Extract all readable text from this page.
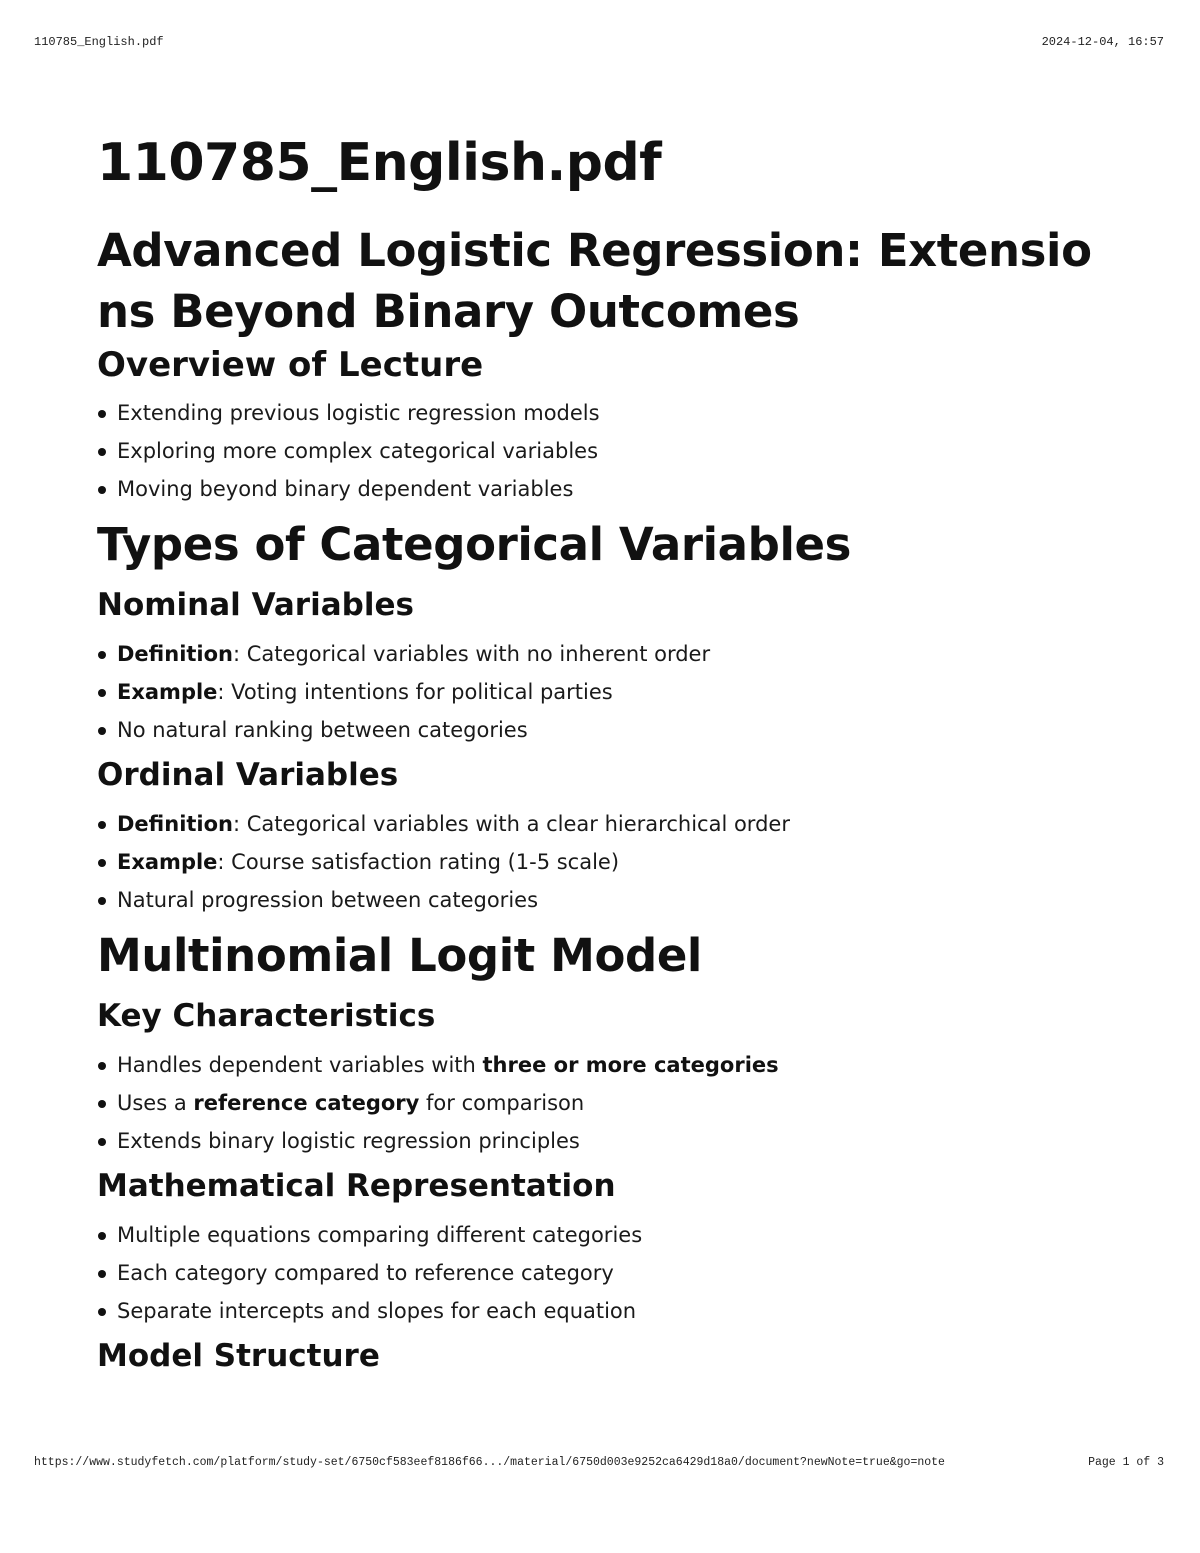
110785_English.pdf	2024-12-04, 16:57
110785_English.pdf
Advanced Logistic Regression: Extensions Beyond Binary Outcomes
Overview of Lecture
Extending previous logistic regression models
Exploring more complex categorical variables
Moving beyond binary dependent variables
Types of Categorical Variables
Nominal Variables
Definition: Categorical variables with no inherent order
Example: Voting intentions for political parties
No natural ranking between categories
Ordinal Variables
Definition: Categorical variables with a clear hierarchical order
Example: Course satisfaction rating (1-5 scale)
Natural progression between categories
Multinomial Logit Model
Key Characteristics
Handles dependent variables with three or more categories
Uses a reference category for comparison
Extends binary logistic regression principles
Mathematical Representation
Multiple equations comparing different categories
Each category compared to reference category
Separate intercepts and slopes for each equation
Model Structure
https://www.studyfetch.com/platform/study-set/6750cf583eef8186f66.../material/6750d003e9252ca6429d18a0/document?newNote=true&go=note	Page 1 of 3
